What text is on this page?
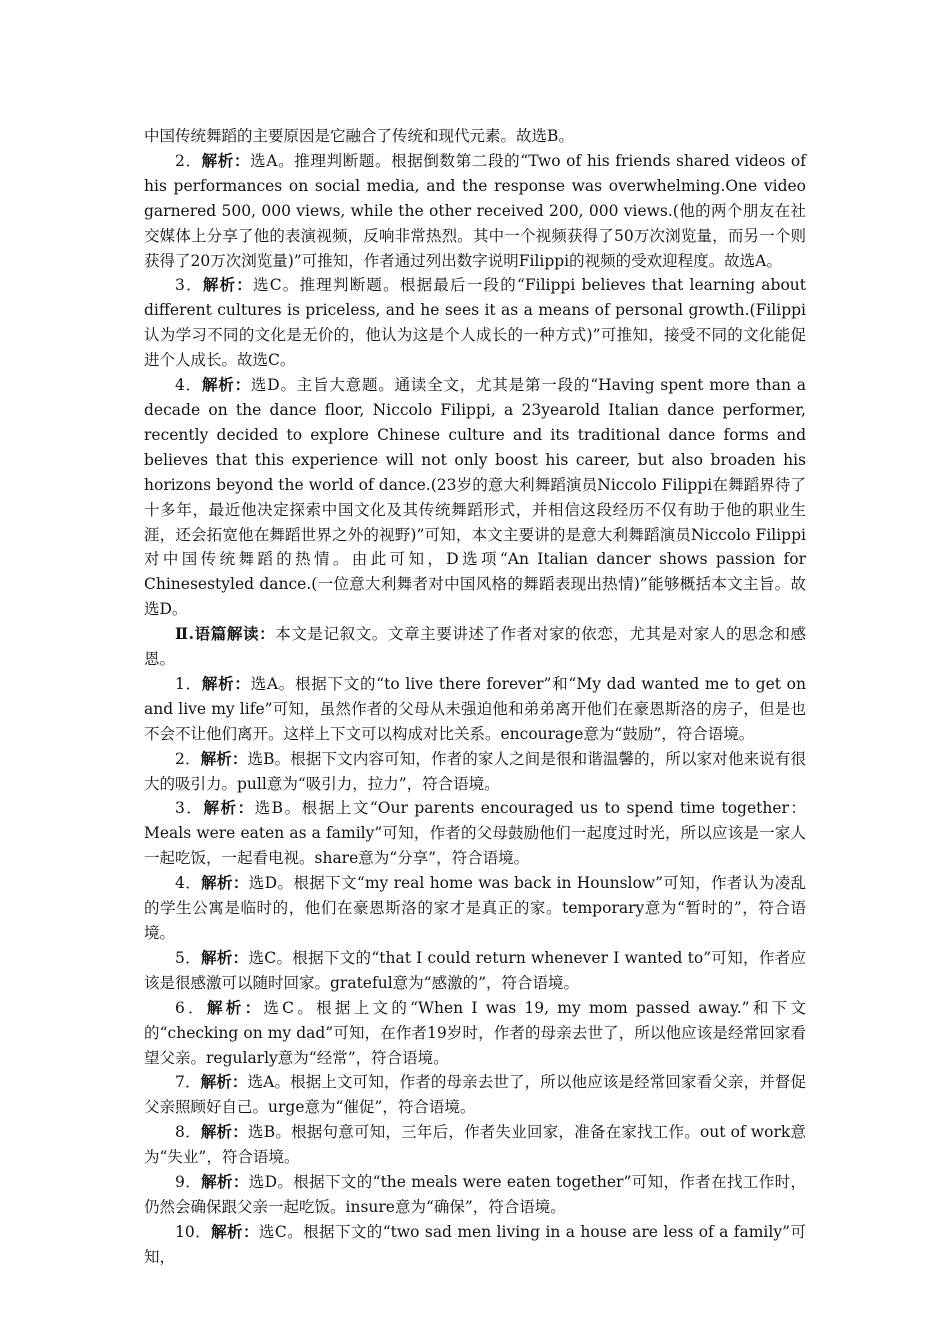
中国传统舞蹈的主要原因是它融合了传统和现代元素。故选B。

2．解析：选A。推理判断题。根据倒数第二段的“Two of his friends shared videos of his performances on social media, and the response was overwhelming.One video garnered 500, 000 views, while the other received 200, 000 views.(他的两个朋友在社交媒体上分享了他的表演视频，反响非常热烈。其中一个视频获得了50万次浏览量，而另一个则获得了20万次浏览量)”可推知，作者通过列出数字说明Filippi的视频的受欢迎程度。故选A。

3．解析：选C。推理判断题。根据最后一段的“Filippi believes that learning about different cultures is priceless, and he sees it as a means of personal growth.(Filippi认为学习不同的文化是无价的，他认为这是个人成长的一种方式)”可推知，接受不同的文化能促进个人成长。故选C。

4．解析：选D。主旨大意题。通读全文，尤其是第一段的“Having spent more than a decade on the dance floor, Niccolo Filippi, a 23yearold Italian dance performer, recently decided to explore Chinese culture and its traditional dance forms and believes that this experience will not only boost his career, but also broaden his horizons beyond the world of dance.(23岁的意大利舞蹈演员Niccolo Filippi在舞蹈界待了十多年，最近他决定探索中国文化及其传统舞蹈形式，并相信这段经历不仅有助于他的职业生涯，还会拓宽他在舞蹈世界之外的视野)”可知，本文主要讲的是意大利舞蹈演员Niccolo Filippi对中国传统舞蹈的热情。由此可知，D选项“An Italian dancer shows passion for Chinesestyled dance.(一位意大利舞者对中国风格的舞蹈表现出热情)”能够概括本文主旨。故选D。

Ⅱ.语篇解读：本文是记叙文。文章主要讲述了作者对家的依恋，尤其是对家人的思念和感恩。

1．解析：选A。根据下文的“to live there forever”和“My dad wanted me to get on and live my life”可知，虽然作者的父母从未强迫他和弟弟离开他们在豪恩斯洛的房子，但是也不会不让他们离开。这样上下文可以构成对比关系。encourage意为“鼓励”，符合语境。

2．解析：选B。根据下文内容可知，作者的家人之间是很和谐温馨的，所以家对他来说有很大的吸引力。pull意为“吸引力，拉力”，符合语境。

3．解析：选B。根据上文“Our parents encouraged us to spend time together：Meals were eaten as a family”可知，作者的父母鼓励他们一起度过时光，所以应该是一家人一起吃饭，一起看电视。share意为“分享”，符合语境。

4．解析：选D。根据下文“my real home was back in Hounslow”可知，作者认为凌乱的学生公寓是临时的，他们在豪恩斯洛的家才是真正的家。temporary意为“暂时的”，符合语境。

5．解析：选C。根据下文的“that I could return whenever I wanted to”可知，作者应该是很感激可以随时回家。grateful意为“感激的”，符合语境。

6．解析：选C。根据上文的“When I was 19, my mom passed away.”和下文的“checking on my dad”可知，在作者19岁时，作者的母亲去世了，所以他应该是经常回家看望父亲。regularly意为“经常”，符合语境。

7．解析：选A。根据上文可知，作者的母亲去世了，所以他应该是经常回家看父亲，并督促父亲照顾好自己。urge意为“催促”，符合语境。

8．解析：选B。根据句意可知，三年后，作者失业回家，准备在家找工作。out of work意为“失业”，符合语境。

9．解析：选D。根据下文的“the meals were eaten together”可知，作者在找工作时，仍然会确保跟父亲一起吃饭。insure意为“确保”，符合语境。

10．解析：选C。根据下文的“two sad men living in a house are less of a family”可知，
